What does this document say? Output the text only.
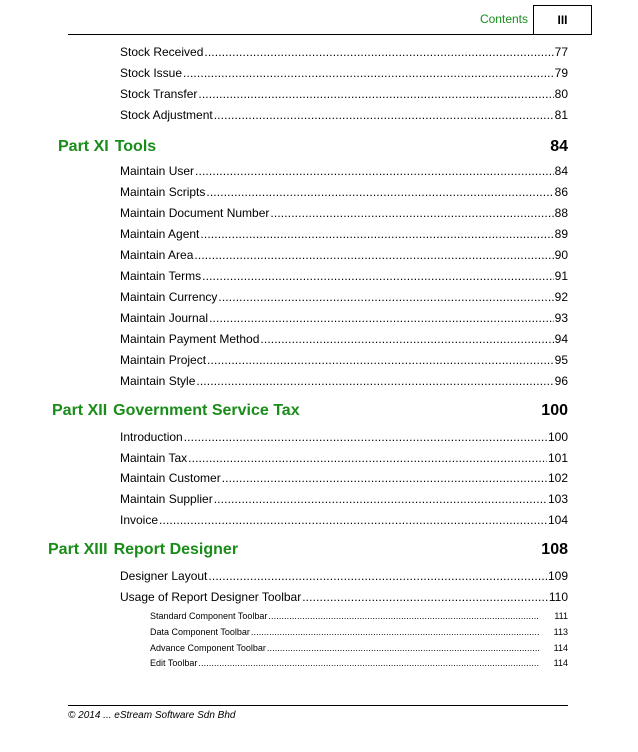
Contents	III
Stock Received . . .	77
Stock Issue . . .	79
Stock Transfer . . .	80
Stock Adjustment . . .	81
Part XI Tools	84
Maintain User . . .	84
Maintain Scripts . . .	86
Maintain Document Number . . .	88
Maintain Agent . . .	89
Maintain Area . . .	90
Maintain Terms . . .	91
Maintain Currency . . .	92
Maintain Journal . . .	93
Maintain Payment Method . . .	94
Maintain Project . . .	95
Maintain Style . . .	96
Part XII Government Service Tax	100
Introduction . . .	100
Maintain Tax . . .	101
Maintain Customer . . .	102
Maintain Supplier . . .	103
Invoice . . .	104
Part XIII Report Designer	108
Designer Layout . . .	109
Usage of Report Designer Toolbar . . .	110
Standard Component Toolbar . . .	111
Data Component Toolbar . . .	113
Advance Component Toolbar . . .	114
Edit Toolbar . . .	114
© 2014 ... eStream Software Sdn Bhd
